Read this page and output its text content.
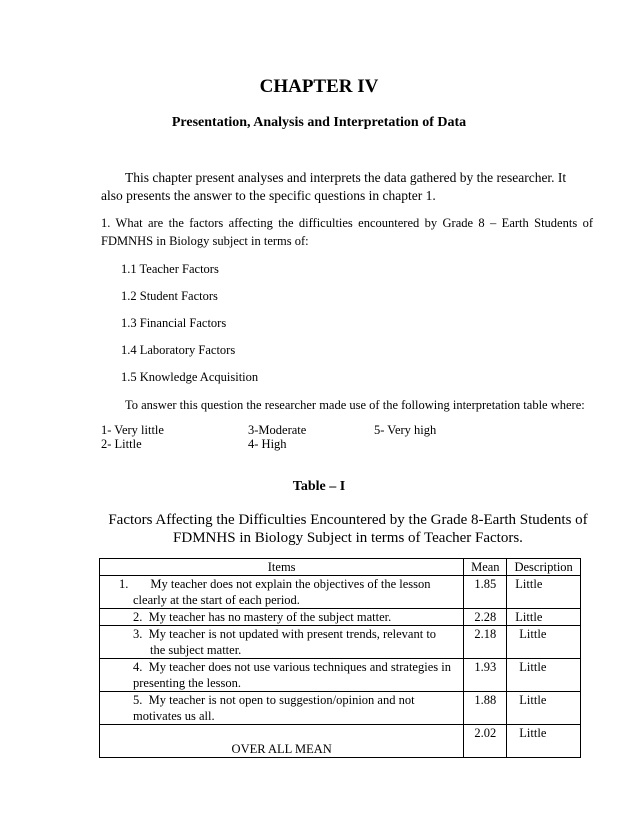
CHAPTER IV
Presentation, Analysis and Interpretation of Data
This chapter present analyses and interprets the data gathered by the researcher. It
also presents the answer to the specific questions in chapter 1.
1. What are the factors affecting the difficulties encountered by Grade 8 – Earth Students of
FDMNHS in Biology subject in terms of:
1.1 Teacher Factors
1.2 Student Factors
1.3 Financial Factors
1.4 Laboratory Factors
1.5 Knowledge Acquisition
To answer this question the researcher made use of the following interpretation table where:
1- Very little	3-Moderate	5- Very high
2- Little	4- High
Table – I
Factors Affecting the Difficulties Encountered by the Grade 8-Earth Students of
FDMNHS in Biology Subject in terms of Teacher Factors.
Items	Mean	Description

1. My teacher does not explain the objectives of the lesson
clearly at the start of each period.	1.85	Little

2. My teacher has no mastery of the subject matter.	2.28	Little

3. My teacher is not updated with present trends, relevant to
the subject matter.	2.18	Little

4. My teacher does not use various techniques and strategies in
presenting the lesson.	1.93	Little

5. My teacher is not open to suggestion/opinion and not
motivates us all.	1.88	Little
OVER ALL MEAN	2.02	Little
